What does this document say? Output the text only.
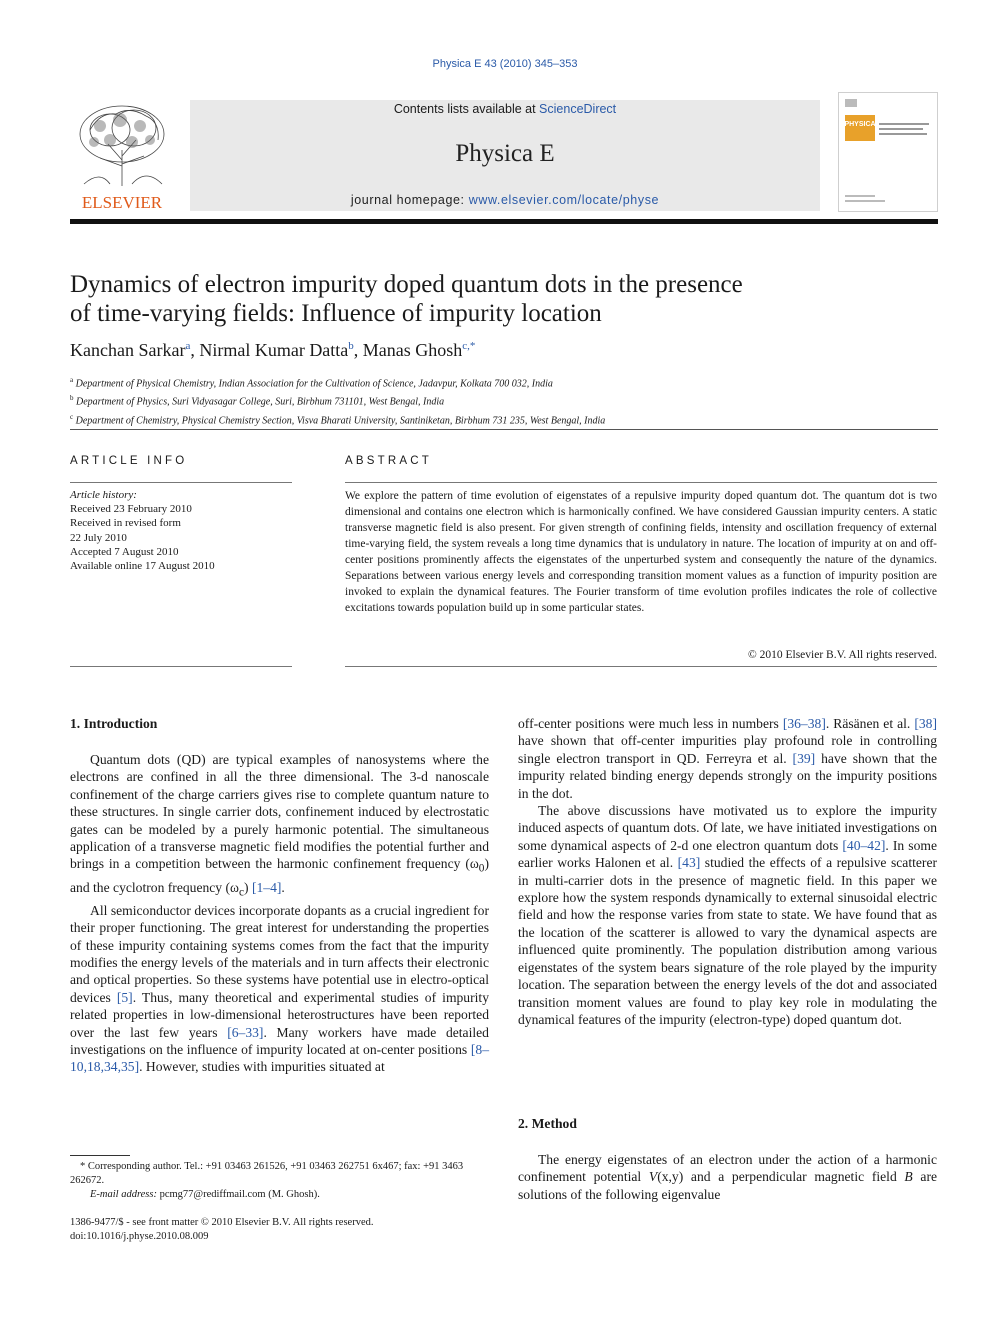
Physica E 43 (2010) 345–353
ELSEVIER
Contents lists available at ScienceDirect
Physica E
journal homepage: www.elsevier.com/locate/physe
PHYSICA
Dynamics of electron impurity doped quantum dots in the presence
of time-varying fields: Influence of impurity location
Kanchan Sarkar$^a$, Nirmal Kumar Datta$^b$, Manas Ghosh$^{c,*}$
$^a$ Department of Physical Chemistry, Indian Association for the Cultivation of Science, Jadavpur, Kolkata 700 032, India
$^b$ Department of Physics, Suri Vidyasagar College, Suri, Birbhum 731101, West Bengal, India
$^c$ Department of Chemistry, Physical Chemistry Section, Visva Bharati University, Santiniketan, Birbhum 731 235, West Bengal, India
ARTICLE INFO
Article history:
Received 23 February 2010
Received in revised form
22 July 2010
Accepted 7 August 2010
Available online 17 August 2010
ABSTRACT
We explore the pattern of time evolution of eigenstates of a repulsive impurity doped quantum dot. The quantum dot is two dimensional and contains one electron which is harmonically confined. We have considered Gaussian impurity centers. A static transverse magnetic field is also present. For given strength of confining fields, intensity and oscillation frequency of external time-varying field, the system reveals a long time dynamics that is undulatory in nature. The location of impurity at on and off-center positions prominently affects the eigenstates of the unperturbed system and consequently the nature of the dynamics. Separations between various energy levels and corresponding transition moment values as a function of impurity position are invoked to explain the dynamical features. The Fourier transform of time evolution profiles indicates the role of collective excitations towards population build up in some particular states.
© 2010 Elsevier B.V. All rights reserved.
1. Introduction

Quantum dots (QD) are typical examples of nanosystems where the electrons are confined in all the three dimensional. The 3-d nanoscale confinement of the charge carriers gives rise to complete quantum nature to these structures. In single carrier dots, confinement induced by electrostatic gates can be modeled by a purely harmonic potential. The simultaneous application of a transverse magnetic field modifies the potential further and brings in a competition between the harmonic confinement frequency $(\omega_0)$ and the cyclotron frequency $(\omega_c)$ [1–4].

All semiconductor devices incorporate dopants as a crucial ingredient for their proper functioning. The great interest for understanding the properties of these impurity containing systems comes from the fact that the impurity modifies the energy levels of the materials and in turn affects their electronic and optical properties. So these systems have potential use in electro-optical devices [5]. Thus, many theoretical and experimental studies of impurity related properties in low-dimensional heterostructures have been reported over the last few years [6–33]. Many workers have made detailed investigations on the influence of impurity located at on-center positions [8–10,18,34,35]. However, studies with impurities situated at

off-center positions were much less in numbers [36–38]. Räsänen et al. [38] have shown that off-center impurities play profound role in controlling single electron transport in QD. Ferreyra et al. [39] have shown that the impurity related binding energy depends strongly on the impurity positions in the dot.

The above discussions have motivated us to explore the impurity induced aspects of quantum dots. Of late, we have initiated investigations on some dynamical aspects of 2-d one electron quantum dots [40–42]. In some earlier works Halonen et al. [43] studied the effects of a repulsive scatterer in multi-carrier dots in the presence of magnetic field. In this paper we explore how the system responds dynamically to external sinusoidal electric field and how the response varies from state to state. We have found that as the location of the scatterer is allowed to vary the dynamical aspects are influenced quite prominently. The population distribution among various eigenstates of the system bears signature of the role played by the impurity location. The separation between the energy levels of the dot and associated transition moment values are found to play key role in modulating the dynamical features of the impurity (electron-type) doped quantum dot.

2. Method

The energy eigenstates of an electron under the action of a harmonic confinement potential V(x,y) and a perpendicular magnetic field B are solutions of the following eigenvalue

* Corresponding author. Tel.: +91 03463 261526, +91 03463 262751 6x467; fax: +91 3463 262672.
E-mail address: pcmg77@rediffmail.com (M. Ghosh).
1386-9477/$ - see front matter © 2010 Elsevier B.V. All rights reserved.
doi:10.1016/j.physe.2010.08.009
